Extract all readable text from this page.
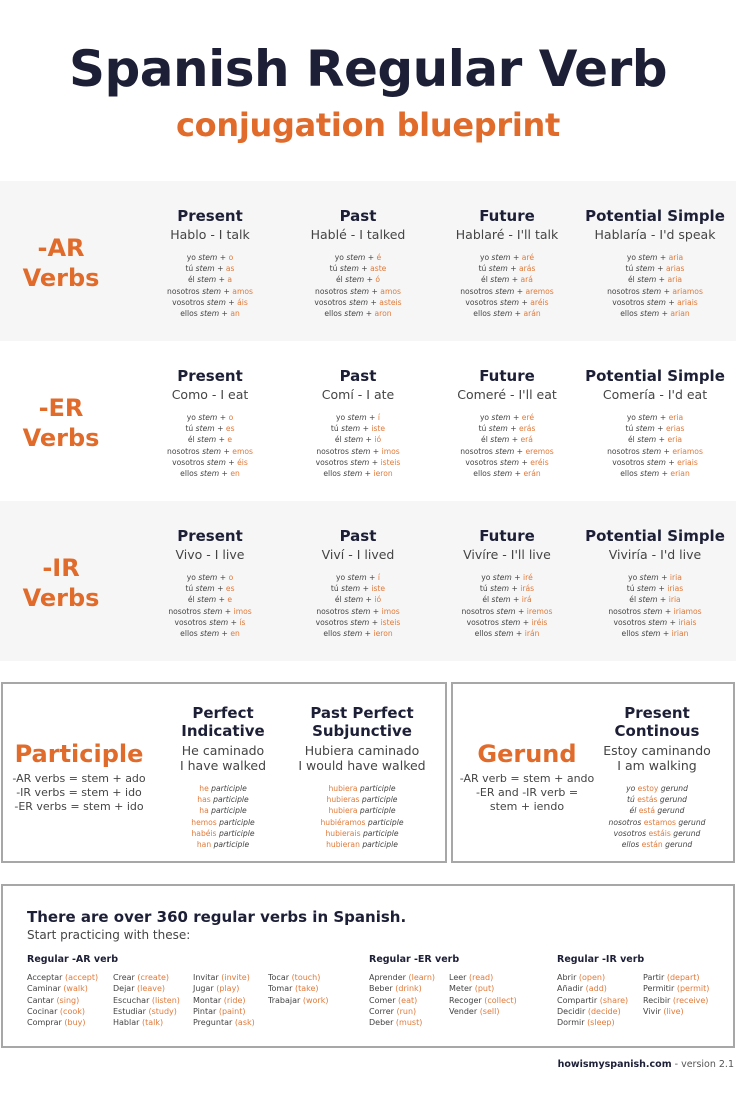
Spanish Regular Verb
conjugation blueprint
-AR
Verbs
Present
Hablo - I talk
yo stem + o
tú stem + as
él stem + a
nosotros stem + amos
vosotros stem + áis
ellos stem + an
Past
Hablé - I talked
yo stem + é
tú stem + aste
él stem + ó
nosotros stem + amos
vosotros stem + asteis
ellos stem + aron
Future
Hablaré - I'll talk
yo stem + aré
tú stem + arás
él stem + ará
nosotros stem + aremos
vosotros stem + aréis
ellos stem + arán
Potential Simple
Hablaría - I'd speak
yo stem + aria
tú stem + arias
él stem + aria
nosotros stem + ariamos
vosotros stem + ariais
ellos stem + arian
-ER
Verbs
Present
Como - I eat
yo stem + o
tú stem + es
él stem + e
nosotros stem + emos
vosotros stem + éis
ellos stem + en
Past
Comí - I ate
yo stem + í
tú stem + iste
él stem + ió
nosotros stem + imos
vosotros stem + isteis
ellos stem + ieron
Future
Comeré - I'll eat
yo stem + eré
tú stem + erás
él stem + erá
nosotros stem + eremos
vosotros stem + eréis
ellos stem + erán
Potential Simple
Comería - I'd eat
yo stem + eria
tú stem + erias
él stem + eria
nosotros stem + eriamos
vosotros stem + eriais
ellos stem + erian
-IR
Verbs
Present
Vivo - I live
yo stem + o
tú stem + es
él stem + e
nosotros stem + imos
vosotros stem + ís
ellos stem + en
Past
Viví - I lived
yo stem + í
tú stem + iste
él stem + ió
nosotros stem + imos
vosotros stem + isteis
ellos stem + ieron
Future
Vivíre - I'll live
yo stem + iré
tú stem + irás
él stem + irá
nosotros stem + iremos
vosotros stem + iréis
ellos stem + irán
Potential Simple
Viviría - I'd live
yo stem + iria
tú stem + irias
él stem + iria
nosotros stem + iriamos
vosotros stem + iriais
ellos stem + irian
Participle
-AR verbs = stem + ado
-IR verbs = stem + ido
-ER verbs = stem + ido
Perfect
Indicative
He caminado
I have walked
he participle
has participle
ha participle
hemos participle
habéis participle
han participle
Past Perfect
Subjunctive
Hubiera caminado
I would have walked
hubiera participle
hubieras participle
hubiera participle
hubiéramos participle
hubierais participle
hubieran participle
Gerund
-AR verb = stem + ando
-ER and -IR verb =
stem + iendo
Present
Continous
Estoy caminando
I am walking
yo estoy gerund
tú estás gerund
él está gerund
nosotros estamos gerund
vosotros estáis gerund
ellos están gerund
There are over 360 regular verbs in Spanish.
Start practicing with these:
Regular -AR verb
Acceptar (accept)
Caminar (walk)
Cantar (sing)
Cocinar (cook)
Comprar (buy)
Crear (create)
Dejar (leave)
Escuchar (listen)
Estudiar (study)
Hablar (talk)
Invitar (invite)
Jugar (play)
Montar (ride)
Pintar (paint)
Preguntar (ask)
Tocar (touch)
Tomar (take)
Trabajar (work)
Regular -ER verb
Aprender (learn)
Beber (drink)
Comer (eat)
Correr (run)
Deber (must)
Leer (read)
Meter (put)
Recoger (collect)
Vender (sell)
Regular -IR verb
Abrir (open)
Añadir (add)
Compartir (share)
Decidir (decide)
Dormir (sleep)
Partir (depart)
Permitir (permit)
Recibir (receive)
Vivir (live)
howismyspanish.com - version 2.1
